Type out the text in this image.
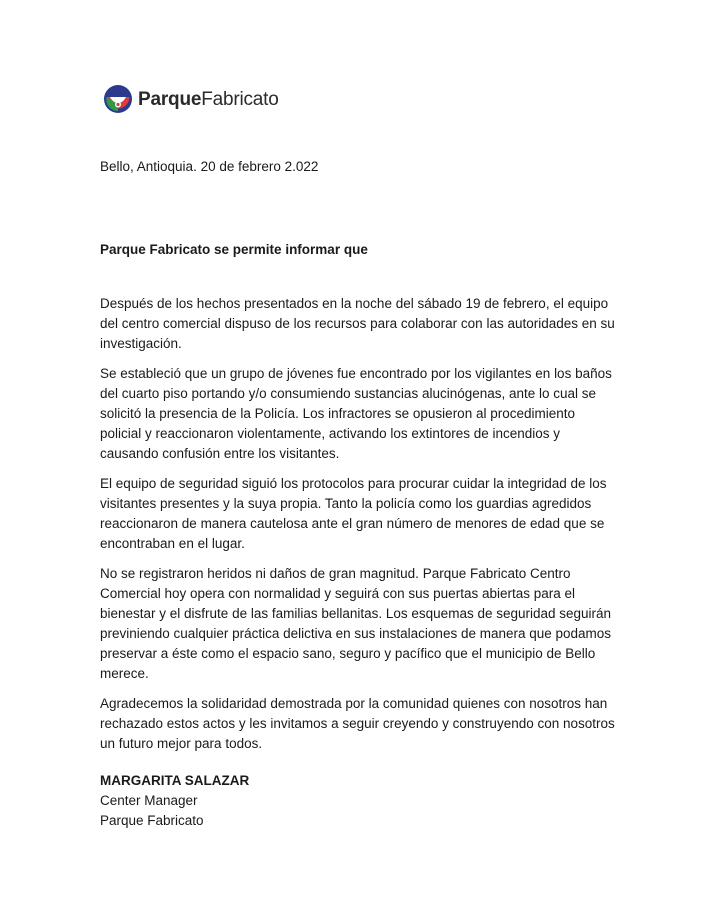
ParqueFabricato
Bello, Antioquia. 20 de febrero 2.022
Parque Fabricato se permite informar que

Después de los hechos presentados en la noche del sábado 19 de febrero, el equipo del centro comercial dispuso de los recursos para colaborar con las autoridades en su investigación.

Se estableció que un grupo de jóvenes fue encontrado por los vigilantes en los baños del cuarto piso portando y/o consumiendo sustancias alucinógenas, ante lo cual se solicitó la presencia de la Policía. Los infractores se opusieron al procedimiento policial y reaccionaron violentamente, activando los extintores de incendios y causando confusión entre los visitantes.

El equipo de seguridad siguió los protocolos para procurar cuidar la integridad de los visitantes presentes y la suya propia. Tanto la policía como los guardias agredidos reaccionaron de manera cautelosa ante el gran número de menores de edad que se encontraban en el lugar.

No se registraron heridos ni daños de gran magnitud. Parque Fabricato Centro Comercial hoy opera con normalidad y seguirá con sus puertas abiertas para el bienestar y el disfrute de las familias bellanitas. Los esquemas de seguridad seguirán previniendo cualquier práctica delictiva en sus instalaciones de manera que podamos preservar a éste como el espacio sano, seguro y pacífico que el municipio de Bello merece.

Agradecemos la solidaridad demostrada por la comunidad quienes con nosotros han rechazado estos actos y les invitamos a seguir creyendo y construyendo con nosotros un futuro mejor para todos.

MARGARITA SALAZAR
Center Manager
Parque Fabricato
